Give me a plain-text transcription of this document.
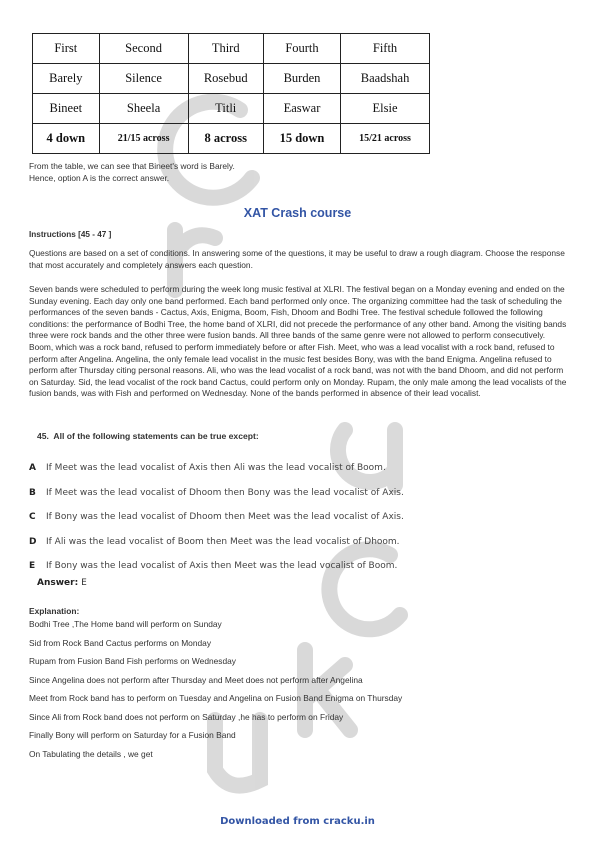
First	Second	Third	Fourth	Fifth
Barely	Silence	Rosebud	Burden	Baadshah
Bineet	Sheela	Titli	Easwar	Elsie
4 down	21/15 across	8 across	15 down	15/21 across
From the table, we can see that Bineet's word is Barely.
Hence, option A is the correct answer.
XAT Crash course
Instructions [45 - 47 ]
Questions are based on a set of conditions. In answering some of the questions, it may be useful to draw a rough diagram. Choose the response that most accurately and completely answers each question.
Seven bands were scheduled to perform during the week long music festival at XLRI. The festival began on a Monday evening and ended on the Sunday evening. Each day only one band performed. Each band performed only once. The organizing committee had the task of scheduling the performances of the seven bands - Cactus, Axis, Enigma, Boom, Fish, Dhoom and Bodhi Tree. The festival schedule followed the following conditions: the performance of Bodhi Tree, the home band of XLRI, did not precede the performance of any other band. Among the visiting bands three were rock bands and the other three were fusion bands. All three bands of the same genre were not allowed to perform consecutively. Boom, which was a rock band, refused to perform immediately before or after Fish. Meet, who was a lead vocalist with a rock band, refused to perform after Angelina. Angelina, the only female lead vocalist in the music fest besides Bony, was with the band Enigma. Angelina refused to perform after Thursday citing personal reasons. Ali, who was the lead vocalist of a rock band, was not with the band Dhoom, and did not perform on Saturday. Sid, the lead vocalist of the rock band Cactus, could perform only on Monday. Rupam, the only male among the lead vocalists of the fusion bands, was with Fish and performed on Wednesday. None of the bands performed in absence of their lead vocalist.
45. All of the following statements can be true except:
A If Meet was the lead vocalist of Axis then Ali was the lead vocalist of Boom.
B If Meet was the lead vocalist of Dhoom then Bony was the lead vocalist of Axis.
C If Bony was the lead vocalist of Dhoom then Meet was the lead vocalist of Axis.
D If Ali was the lead vocalist of Boom then Meet was the lead vocalist of Dhoom.
E If Bony was the lead vocalist of Axis then Meet was the lead vocalist of Boom.
Answer: E
Explanation:
Bodhi Tree ,The Home band will perform on Sunday
Sid from Rock Band Cactus performs on Monday
Rupam from Fusion Band Fish performs on Wednesday
Since Angelina does not perform after Thursday and Meet does not perform after Angelina
Meet from Rock band has to perform on Tuesday and Angelina on Fusion Band Enigma on Thursday
Since Ali from Rock band does not perform on Saturday ,he has to perform on Friday
Finally Bony will perform on Saturday for a Fusion Band
On Tabulating the details , we get
Downloaded from cracku.in
